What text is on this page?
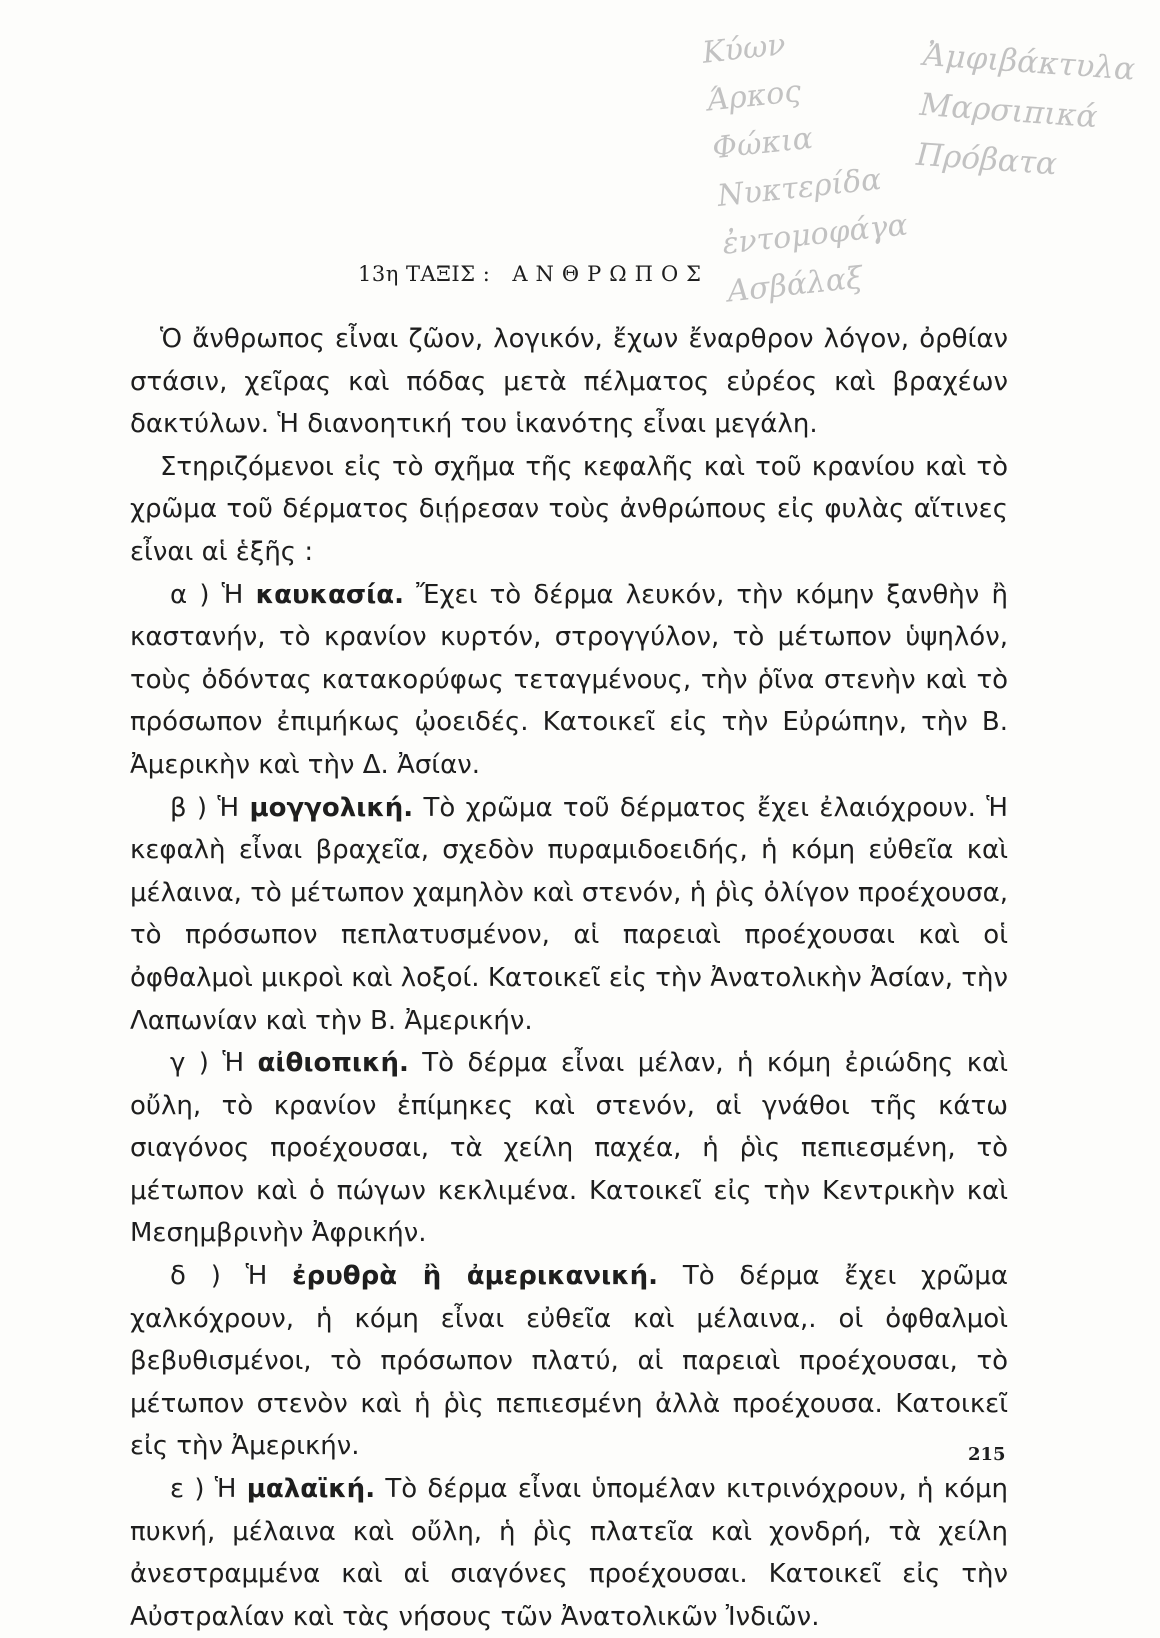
Κύων
Άρκος
Φώκια
Νυκτερίδα
ἐντομοφάγα
Ασβάλαξ
Ἀμφιβάκτυλα
Μαρσιπικά
Πρόβατα
13η ΤΑΞΙΣ : ΑΝΘΡΩΠΟΣ

Ὁ ἄνθρωπος εἶναι ζῶον, λογικόν, ἔχων ἔναρθρον λόγον, ὀρθίαν στάσιν, χεῖρας καὶ πόδας μετὰ πέλματος εὐρέος καὶ βραχέων δακτύλων. Ἡ διανοητική του ἱκανότης εἶναι μεγάλη.

Στηριζόμενοι εἰς τὸ σχῆμα τῆς κεφαλῆς καὶ τοῦ κρανίου καὶ τὸ χρῶμα τοῦ δέρματος διῄρεσαν τοὺς ἀνθρώπους εἰς φυλὰς αἵτινες εἶναι αἱ ἑξῆς :

α ) Ἡ καυκασία. Ἔχει τὸ δέρμα λευκόν, τὴν κόμην ξανθὴν ἢ καστανήν, τὸ κρανίον κυρτόν, στρογγύλον, τὸ μέτωπον ὑψηλόν, τοὺς ὀδόντας κατακορύφως τεταγμένους, τὴν ῥῖνα στενὴν καὶ τὸ πρόσωπον ἐπιμήκως ᾠοειδές. Κατοικεῖ εἰς τὴν Εὐρώπην, τὴν Β. Ἀμερικὴν καὶ τὴν Δ. Ἀσίαν.

β ) Ἡ μογγολική. Τὸ χρῶμα τοῦ δέρματος ἔχει ἐλαιόχρουν. Ἡ κεφαλὴ εἶναι βραχεῖα, σχεδὸν πυραμιδοειδής, ἡ κόμη εὐθεῖα καὶ μέλαινα, τὸ μέτωπον χαμηλὸν καὶ στενόν, ἡ ῥὶς ὀλίγον προέχουσα, τὸ πρόσωπον πεπλατυσμένον, αἱ παρειαὶ προέχουσαι καὶ οἱ ὀφθαλμοὶ μικροὶ καὶ λοξοί. Κατοικεῖ εἰς τὴν Ἀνατολικὴν Ἀσίαν, τὴν Λαπωνίαν καὶ τὴν Β. Ἀμερικήν.

γ ) Ἡ αἰθιοπική. Τὸ δέρμα εἶναι μέλαν, ἡ κόμη ἐριώδης καὶ οὔλη, τὸ κρανίον ἐπίμηκες καὶ στενόν, αἱ γνάθοι τῆς κάτω σιαγόνος προέχουσαι, τὰ χείλη παχέα, ἡ ῥὶς πεπιεσμένη, τὸ μέτωπον καὶ ὁ πώγων κεκλιμένα. Κατοικεῖ εἰς τὴν Κεντρικὴν καὶ Μεσημβρινὴν Ἀφρικήν.

δ ) Ἡ ἐρυθρὰ ἢ ἀμερικανική. Τὸ δέρμα ἔχει χρῶμα χαλκόχρουν, ἡ κόμη εἶναι εὐθεῖα καὶ μέλαινα,. οἱ ὀφθαλμοὶ βεβυθισμένοι, τὸ πρόσωπον πλατύ, αἱ παρειαὶ προέχουσαι, τὸ μέτωπον στενὸν καὶ ἡ ῥὶς πεπιεσμένη ἀλλὰ προέχουσα. Κατοικεῖ εἰς τὴν Ἀμερικήν.

ε ) Ἡ μαλαϊκή. Τὸ δέρμα εἶναι ὑπομέλαν κιτρινόχρουν, ἡ κόμη πυκνή, μέλαινα καὶ οὔλη, ἡ ῥὶς πλατεῖα καὶ χονδρή, τὰ χείλη ἀνεστραμμένα καὶ αἱ σιαγόνες προέχουσαι. Κατοικεῖ εἰς τὴν Αὐστραλίαν καὶ τὰς νήσους τῶν Ἀνατολικῶν Ἰνδιῶν.

215
